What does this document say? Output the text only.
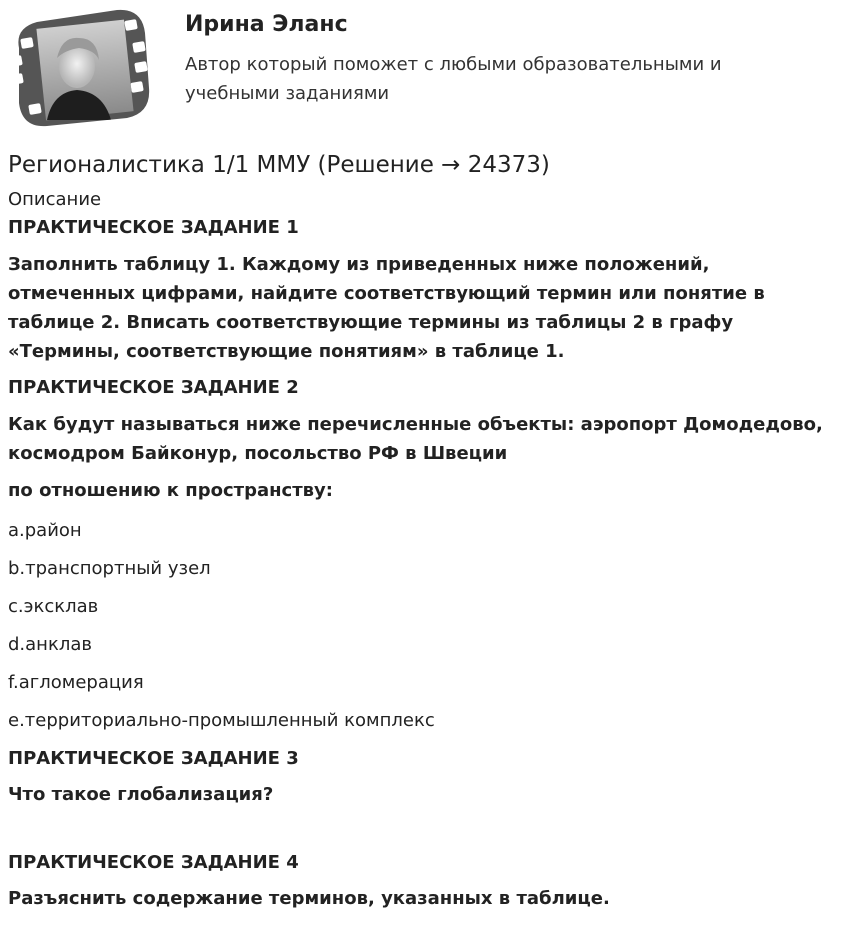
Ирина Эланс
Автор который поможет с любыми образовательными и учебными заданиями
Регионалистика 1/1 ММУ (Решение → 24373)
Описание
ПРАКТИЧЕСКОЕ ЗАДАНИЕ 1
Заполнить таблицу 1. Каждому из приведенных ниже положений, отмеченных цифрами, найдите соответствующий термин или понятие в таблице 2. Вписать соответствующие термины из таблицы 2 в графу «Термины, соответствующие понятиям» в таблице 1.
ПРАКТИЧЕСКОЕ ЗАДАНИЕ 2
Как будут называться ниже перечисленные объекты: аэропорт Домодедово, космодром Байконур, посольство РФ в Швеции
по отношению к пространству:
a.район
b.транспортный узел
c.эксклав
d.анклав
f.агломерация
e.территориально-промышленный комплекс
ПРАКТИЧЕСКОЕ ЗАДАНИЕ 3
Что такое глобализация?
ПРАКТИЧЕСКОЕ ЗАДАНИЕ 4
Разъяснить содержание терминов, указанных в таблице.
